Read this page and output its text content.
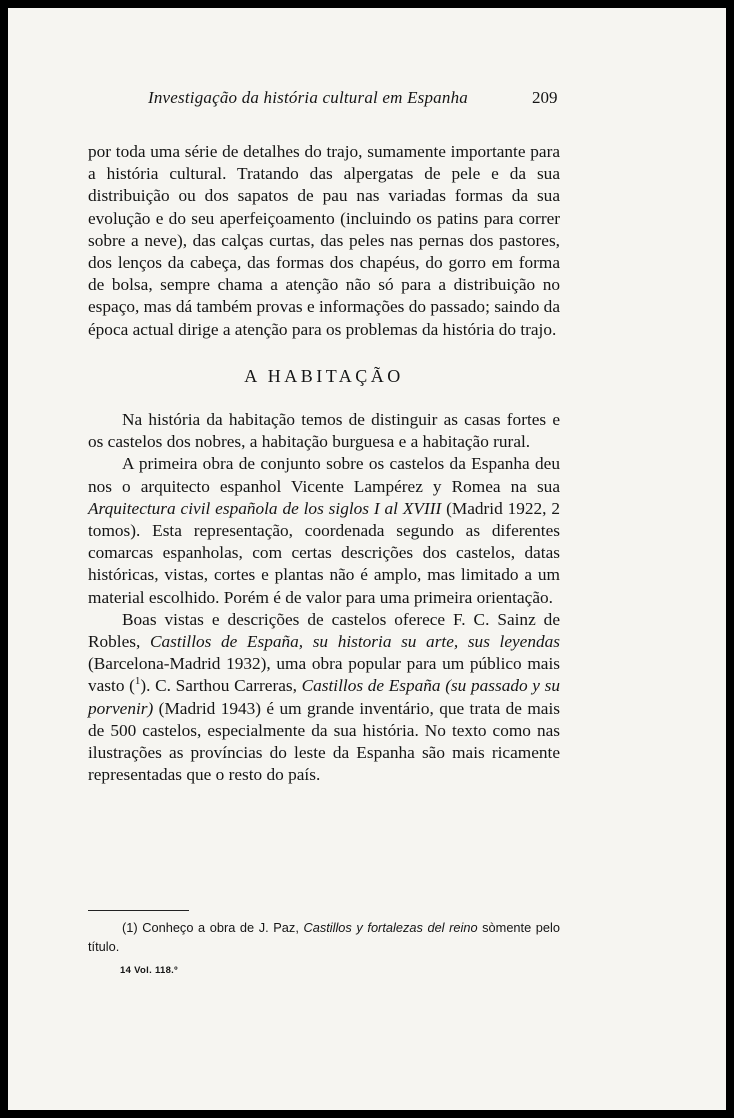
Investigação da história cultural em Espanha	209

por toda uma série de detalhes do trajo, sumamente importante para a história cultural. Tratando das alpergatas de pele e da sua distribuição ou dos sapatos de pau nas variadas formas da sua evolução e do seu aperfeiçoamento (incluindo os patins para correr sobre a neve), das calças curtas, das peles nas pernas dos pastores, dos lenços da cabeça, das formas dos chapéus, do gorro em forma de bolsa, sempre chama a atenção não só para a distribuição no espaço, mas dá também provas e informações do passado; saindo da época actual dirige a atenção para os problemas da história do trajo.

A HABITAÇÃO

Na história da habitação temos de distinguir as casas fortes e os castelos dos nobres, a habitação burguesa e a habitação rural.

A primeira obra de conjunto sobre os castelos da Espanha deu nos o arquitecto espanhol Vicente Lampérez y Romea na sua Arquitectura civil española de los siglos I al XVIII (Madrid 1922, 2 tomos). Esta representação, coordenada segundo as diferentes comarcas espanholas, com certas descrições dos castelos, datas históricas, vistas, cortes e plantas não é amplo, mas limitado a um material escolhido. Porém é de valor para uma primeira orientação.

Boas vistas e descrições de castelos oferece F. C. Sainz de Robles, Castillos de España, su historia su arte, sus leyendas (Barcelona-Madrid 1932), uma obra popular para um público mais vasto ($^1$). C. Sarthou Carreras, Castillos de España (su passado y su porvenir) (Madrid 1943) é um grande inventário, que trata de mais de 500 castelos, especialmente da sua história. No texto como nas ilustrações as províncias do leste da Espanha são mais ricamente representadas que o resto do país.

(1) Conheço a obra de J. Paz, Castillos y fortalezas del reino sòmente pelo título.
14 Vol. 118.º
